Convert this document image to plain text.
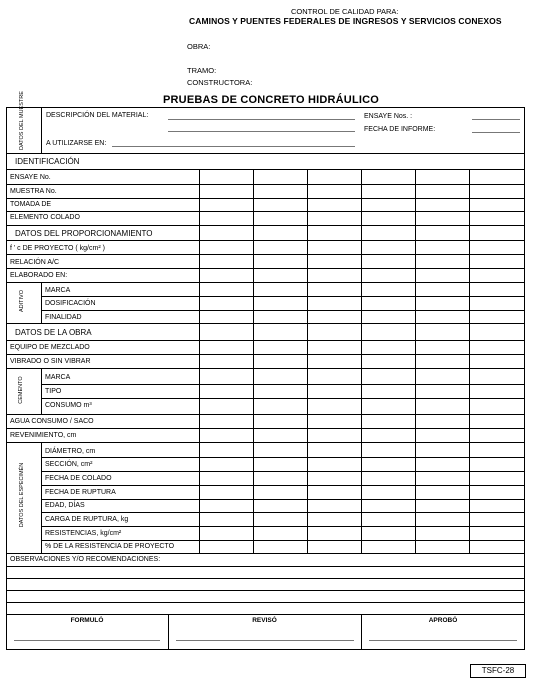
CONTROL DE CALIDAD PARA:
CAMINOS Y PUENTES FEDERALES DE INGRESOS Y SERVICIOS CONEXOS
OBRA:
TRAMO:
CONSTRUCTORA:
PRUEBAS DE CONCRETO HIDRÁULICO
DATOS DEL MUESTRE	DESCRIPCIÓN DEL MATERIAL:
A UTILIZARSE EN:
ENSAYE Nos. :
FECHA DE INFORME:
IDENTIFICACIÓN
ENSAYE No.
MUESTRA No.
TOMADA DE
ELEMENTO COLADO
DATOS DEL PROPORCIONAMIENTO
f ' c DE PROYECTO ( kg/cm² )
RELACIÓN A/C
ELABORADO EN:
ADITIVO	MARCA
DOSIFICACIÓN
FINALIDAD
DATOS DE LA OBRA
EQUIPO DE MEZCLADO
VIBRADO O SIN VIBRAR
CEMENTO	MARCA
TIPO
CONSUMO m³
AGUA CONSUMO / SACO
REVENIMIENTO, cm
DATOS DEL ESPECIMÉN
DIÁMETRO, cm
SECCIÓN, cm²
FECHA DE COLADO
FECHA DE RUPTURA
EDAD, DÍAS
CARGA DE RUPTURA, kg
RESISTENCIAS, kg/cm²
% DE LA RESISTENCIA DE PROYECTO
OBSERVACIONES Y/O RECOMENDACIONES:
FORMULÓ	REVISÓ	APROBÓ
TSFC-28
